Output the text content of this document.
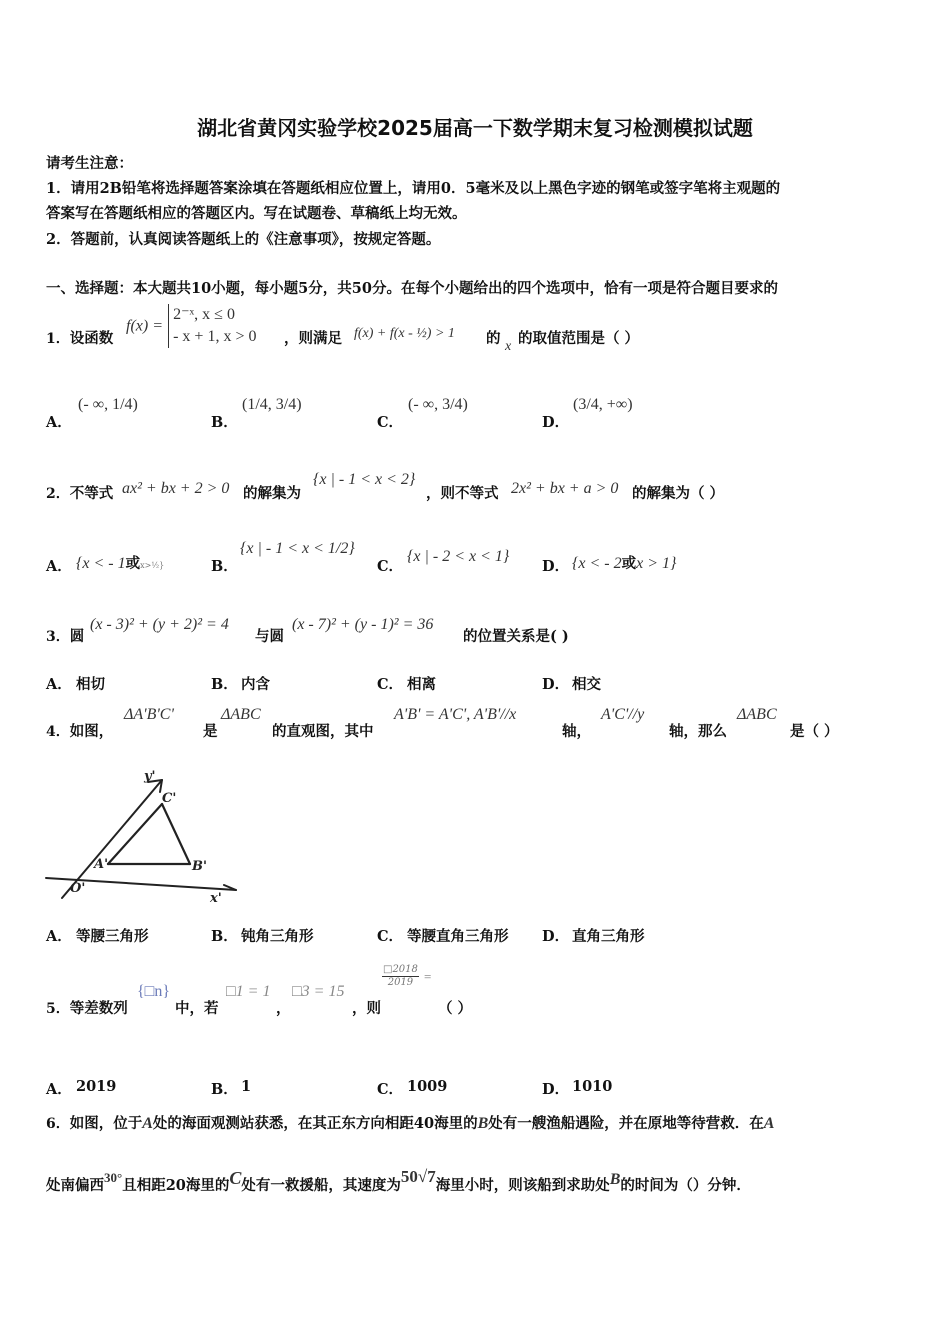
湖北省黄冈实验学校2025届高一下数学期末复习检测模拟试题
请考生注意：
1．请用2B铅笔将选择题答案涂填在答题纸相应位置上，请用0．5毫米及以上黑色字迹的钢笔或签字笔将主观题的
答案写在答题纸相应的答题区内。写在试题卷、草稿纸上均无效。
2．答题前，认真阅读答题纸上的《注意事项》，按规定答题。
一、选择题：本大题共10小题，每小题5分，共50分。在每个小题给出的四个选项中，恰有一项是符合题目要求的
1．设函数
f(x) =
2⁻ˣ, x ≤ 0
- x + 1, x > 0 ，则满足 f(x) + f(x - ½) > 1 的 x 的取值范围是（ ）
A．
(- ∞, 1/4)
B．
(1/4, 3/4)
C．
(- ∞, 3/4)
D．
(3/4, +∞)
2．不等式 ax² + bx + 2 > 0 的解集为
{x | - 1 < x < 2}
，则不等式 2x² + bx + a > 0 的解集为（ ）
A． {x < - 1或x>½}	B．
{x | - 1 < x < 1/2}
C．
{x | - 2 < x < 1}
D． {x < - 2或x > 1}
3．圆
(x - 3)² + (y + 2)² = 4
与圆
(x - 7)² + (y - 1)² = 36
的位置关系是( )
A． 相切	B． 内含	C． 相离	D． 相交
4．如图，
ΔA'B'C'
是
ΔABC
的直观图，其中
A'B' = A'C', A'B'//x
轴，
A'C'//y
轴，那么
ΔABC
是（ ）
y'
C'
A'	B'
O'
x'
A． 等腰三角形	B． 钝角三角形	C． 等腰直角三角形 D． 直角三角形
5．等差数列
{□n}
中，若
□1 = 1
，
□3 = 15
，则
$\frac{□2018}{2019}$ =
（ ）
A． 2019	B． 1	C． 1009	D． 1010
6．如图，位于A处的海面观测站获悉，在其正东方向相距40海里的B处有一艘渔船遇险，并在原地等待营救．在A
处南偏西30°且相距20海里的C处有一救援船，其速度为50√7海里小时，则该船到求助处B的时间为（）分钟．
